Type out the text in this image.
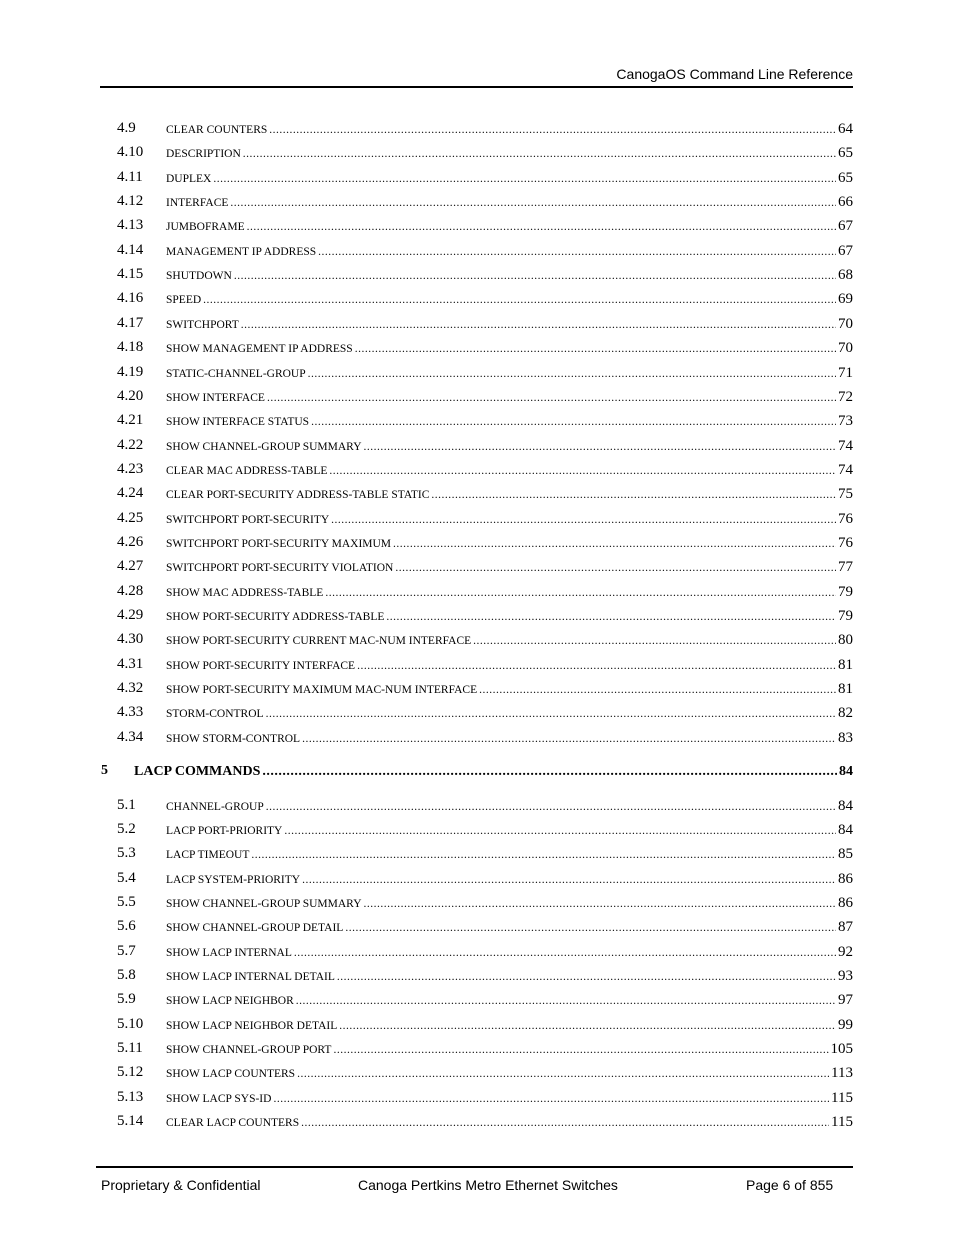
CanogaOS Command Line Reference
4.9	CLEAR COUNTERS .....	64
4.10 DESCRIPTION .....	65
4.11 DUPLEX .....	65
4.12 INTERFACE .....	66
4.13 JUMBOFRAME .....	67
4.14 MANAGEMENT IP ADDRESS .....	67
4.15 SHUTDOWN .....	68
4.16 SPEED .....	69
4.17 SWITCHPORT .....	70
4.18 SHOW MANAGEMENT IP ADDRESS .....	70
4.19 STATIC-CHANNEL-GROUP .....	71
4.20 SHOW INTERFACE .....	72
4.21 SHOW INTERFACE STATUS .....	73
4.22 SHOW CHANNEL-GROUP SUMMARY .....	74
4.23 CLEAR MAC ADDRESS-TABLE .....	74
4.24 CLEAR PORT-SECURITY ADDRESS-TABLE STATIC .....	75
4.25 SWITCHPORT PORT-SECURITY .....	76
4.26 SWITCHPORT PORT-SECURITY MAXIMUM .....	76
4.27 SWITCHPORT PORT-SECURITY VIOLATION .....	77
4.28 SHOW MAC ADDRESS-TABLE .....	79
4.29 SHOW PORT-SECURITY ADDRESS-TABLE .....	79
4.30 SHOW PORT-SECURITY CURRENT MAC-NUM INTERFACE .....	80
4.31 SHOW PORT-SECURITY INTERFACE .....	81
4.32 SHOW PORT-SECURITY MAXIMUM MAC-NUM INTERFACE .....	81
4.33 STORM-CONTROL .....	82
4.34 SHOW STORM-CONTROL .....	83
5 LACP COMMANDS .....	84
5.1	CHANNEL-GROUP .....	84
5.2	LACP PORT-PRIORITY .....	84
5.3	LACP TIMEOUT .....	85
5.4	LACP SYSTEM-PRIORITY .....	86
5.5	SHOW CHANNEL-GROUP SUMMARY .....	86
5.6	SHOW CHANNEL-GROUP DETAIL .....	87
5.7	SHOW LACP INTERNAL .....	92
5.8	SHOW LACP INTERNAL DETAIL .....	93
5.9	SHOW LACP NEIGHBOR .....	97
5.10 SHOW LACP NEIGHBOR DETAIL .....	99
5.11 SHOW CHANNEL-GROUP PORT .....	105
5.12 SHOW LACP COUNTERS .....	113
5.13 SHOW LACP SYS-ID .....	115
5.14 CLEAR LACP COUNTERS .....	115
Proprietary & Confidential	Canoga Pertkins Metro Ethernet Switches	Page 6 of 855
